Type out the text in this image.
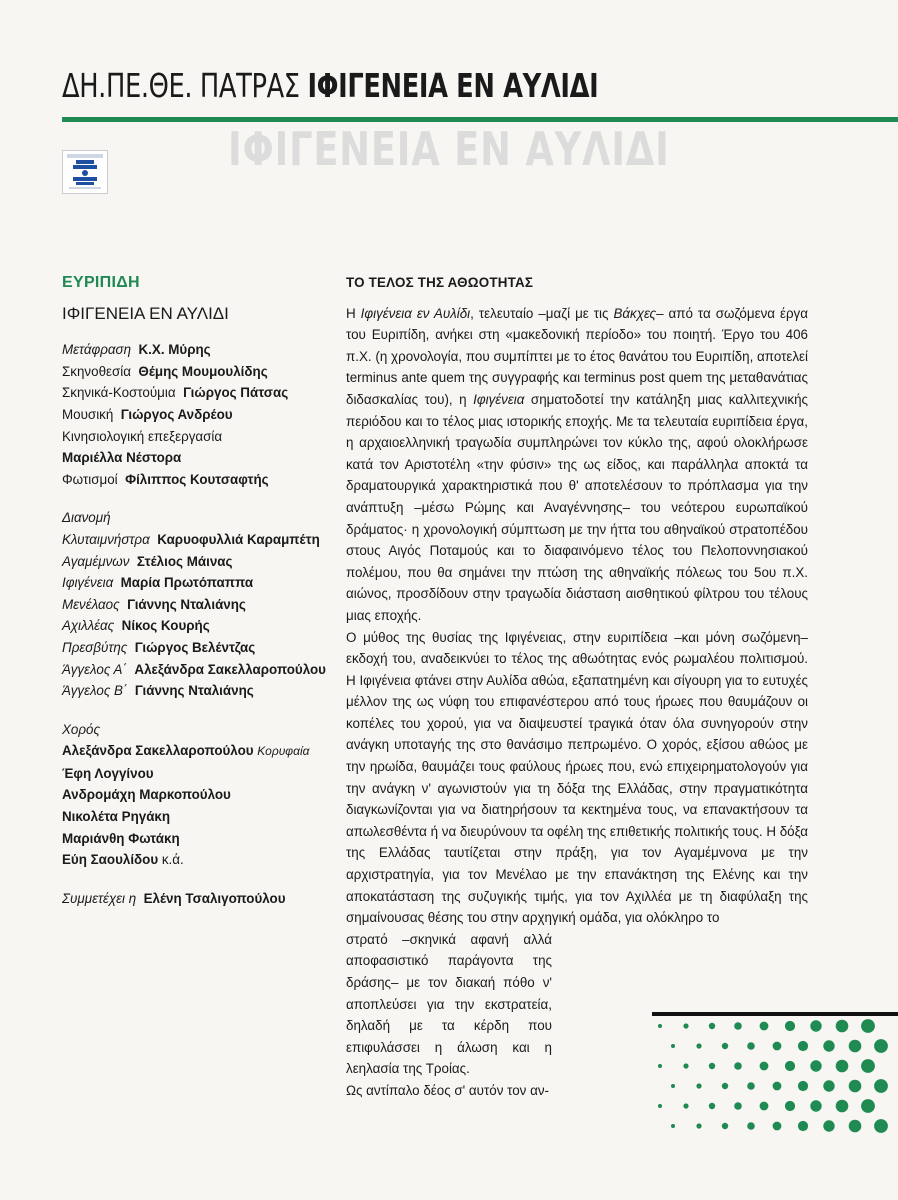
ΔΗ.ΠΕ.ΘΕ. ΠΑΤΡΑΣ ΙΦΙΓΕΝΕΙΑ ΕΝ ΑΥΛΙΔΙ
ΙΦΙΓΕΝΕΙΑ ΕΝ ΑΥΛΙΔΙ
ΕΥΡΙΠΙΔΗ
ΙΦΙΓΕΝΕΙΑ ΕΝ ΑΥΛΙΔΙ
Μετάφραση Κ.Χ. Μύρης
Σκηνοθεσία Θέμης Μουμουλίδης
Σκηνικά-Κοστούμια Γιώργος Πάτσας
Μουσική Γιώργος Ανδρέου
Κινησιολογική επεξεργασία
Μαριέλλα Νέστορα
Φωτισμοί Φίλιππος Κουτσαφτής
Διανομή
Κλυταιμνήστρα Καρυοφυλλιά Καραμπέτη
Αγαμέμνων Στέλιος Μάινας
Ιφιγένεια Μαρία Πρωτόπαππα
Μενέλαος Γιάννης Νταλιάνης
Αχιλλέας Νίκος Κουρής
Πρεσβύτης Γιώργος Βελέντζας
Άγγελος Α΄ Αλεξάνδρα Σακελλαροπούλου
Άγγελος Β΄ Γιάννης Νταλιάνης
Χορός
Αλεξάνδρα Σακελλαροπούλου Κορυφαία
Έφη Λογγίνου
Ανδρομάχη Μαρκοπούλου
Νικολέτα Ρηγάκη
Μαριάνθη Φωτάκη
Εύη Σαουλίδου κ.ά.
Συμμετέχει η Ελένη Τσαλιγοπούλου
ΤΟ ΤΕΛΟΣ ΤΗΣ ΑΘΩΟΤΗΤΑΣ

Η Ιφιγένεια εν Αυλίδι, τελευταίο –μαζί με τις Βάκχες– από τα σωζόμενα έργα του Ευριπίδη, ανήκει στη «μακεδονική περίοδο» του ποιητή. Έργο του 406 π.Χ. (η χρονολογία, που συμπίπτει με το έτος θανάτου του Ευριπίδη, αποτελεί terminus ante quem της συγγραφής και terminus post quem της μεταθανάτιας διδασκαλίας του), η Ιφιγένεια σηματοδοτεί την κατάληξη μιας καλλιτεχνικής περιόδου και το τέλος μιας ιστορικής εποχής. Με τα τελευταία ευριπίδεια έργα, η αρχαιοελληνική τραγωδία συμπληρώνει τον κύκλο της, αφού ολοκλήρωσε κατά τον Αριστοτέλη «την φύσιν» της ως είδος, και παράλληλα αποκτά τα δραματουργικά χαρακτηριστικά που θ' αποτελέσουν το πρόπλασμα για την ανάπτυξη –μέσω Ρώμης και Αναγέννησης– του νεότερου ευρωπαϊκού δράματος· η χρονολογική σύμπτωση με την ήττα του αθηναϊκού στρατοπέδου στους Αιγός Ποταμούς και το διαφαινόμενο τέλος του Πελοποννησιακού πολέμου, που θα σημάνει την πτώση της αθηναϊκής πόλεως του 5ου π.Χ. αιώνος, προσδίδουν στην τραγωδία διάσταση αισθητικού φίλτρου του τέλους μιας εποχής.

Ο μύθος της θυσίας της Ιφιγένειας, στην ευριπίδεια –και μόνη σωζόμενη– εκδοχή του, αναδεικνύει το τέλος της αθωότητας ενός ρωμαλέου πολιτισμού. Η Ιφιγένεια φτάνει στην Αυλίδα αθώα, εξαπατημένη και σίγουρη για το ευτυχές μέλλον της ως νύφη του επιφανέστερου από τους ήρωες που θαυμάζουν οι κοπέλες του χορού, για να διαψευστεί τραγικά όταν όλα συνηγορούν στην ανάγκη υποταγής της στο θανάσιμο πεπρωμένο. Ο χορός, εξίσου αθώος με την ηρωίδα, θαυμάζει τους φαύλους ήρωες που, ενώ επιχειρηματολογούν για την ανάγκη ν' αγωνιστούν για τη δόξα της Ελλάδας, στην πραγματικότητα διαγκωνίζονται για να διατηρήσουν τα κεκτημένα τους, να επανακτήσουν τα απωλεσθέντα ή να διευρύνουν τα οφέλη της επιθετικής πολιτικής τους. Η δόξα της Ελλάδας ταυτίζεται στην πράξη, για τον Αγαμέμνονα με την αρχιστρατηγία, για τον Μενέλαο με την επανάκτηση της Ελένης και την αποκατάσταση της συζυγικής τιμής, για τον Αχιλλέα με τη διαφύλαξη της σημαίνουσας θέσης του στην αρχηγική ομάδα, για ολόκληρο το

στρατό –σκηνικά αφανή αλλά αποφασιστικό παράγοντα της δράσης– με τον διακαή πόθο ν' αποπλεύσει για την εκστρατεία, δηλαδή με τα κέρδη που επιφυλάσσει η άλωση και η λεηλασία της Τροίας.

Ως αντίπαλο δέος σ' αυτόν τον αν-
